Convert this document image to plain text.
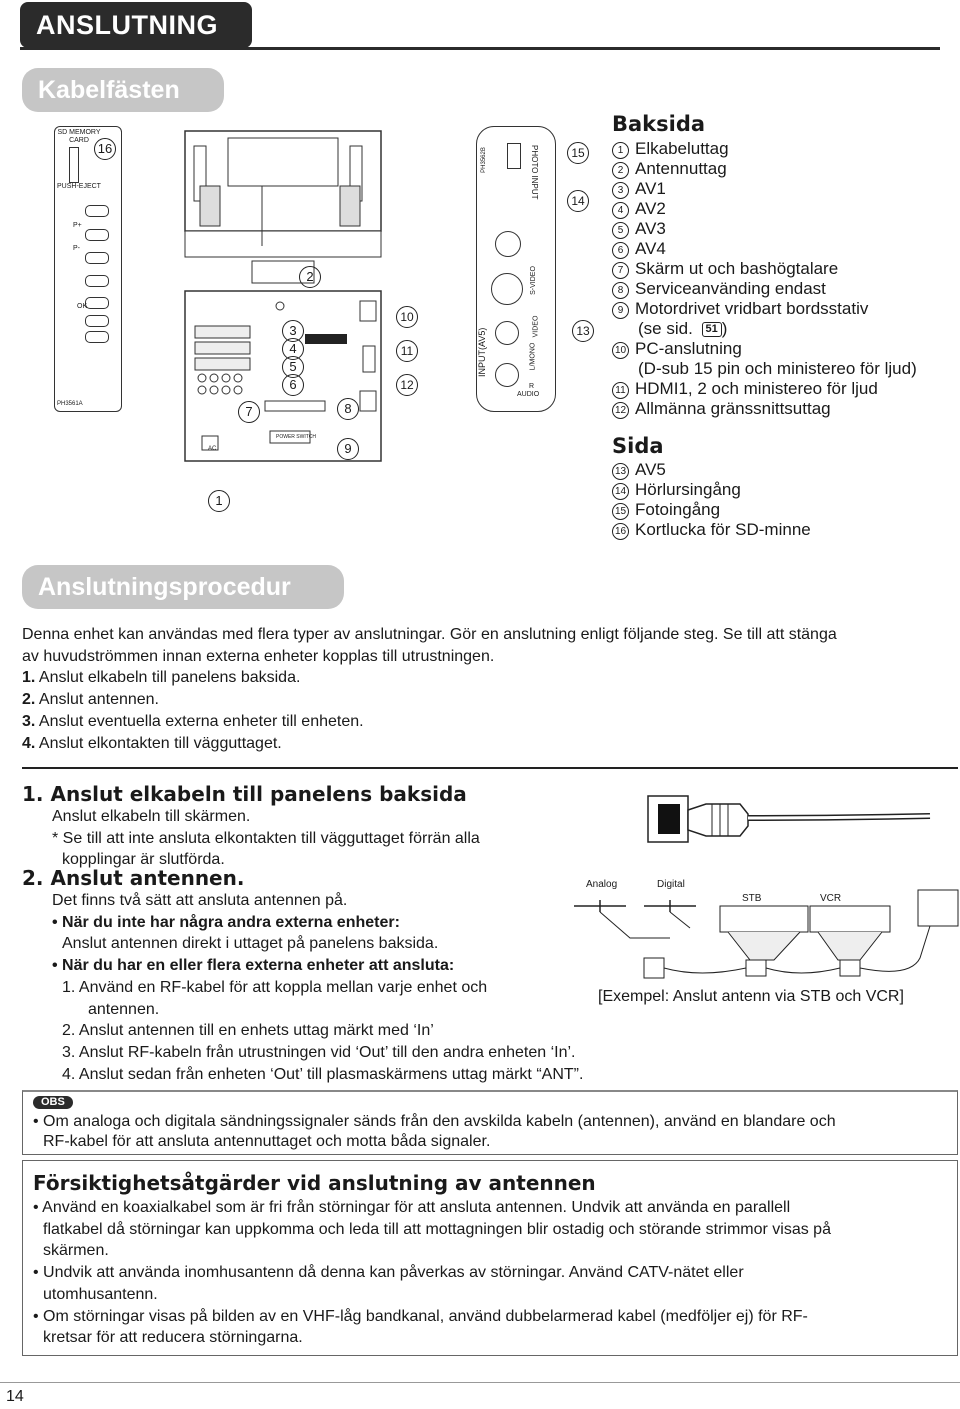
ANSLUTNING
Kabelfästen
SD MEMORY CARD
PUSH-EJECT
P+
P-
OK
PH3561A
POWER SWITCH
AC
PH3562B	PHOTO INPUT
INPUT(AV5)
S-VIDEO
VIDEO
L/MONO
R
AUDIO
16
2
3
4
5
6
7	8
9
10
11
12
1
15
14
13
Baksida
1 Elkabeluttag
2 Antennuttag
3 AV1
4 AV2
5 AV3
6 AV4
7 Skärm ut och bashögtalare
8 Serviceanvänding endast
9 Motordrivet vridbart bordsstativ
(se sid. 51 )
10 PC-anslutning
(D-sub 15 pin och ministereo för ljud)
11 HDMI1, 2 och ministereo för ljud
12 Allmänna gränssnittsuttag
Sida
13 AV5
14 Hörlursingång
15 Fotoingång
16 Kortlucka för SD-minne
Anslutningsprocedur
Denna enhet kan användas med flera typer av anslutningar. Gör en anslutning enligt följande steg. Se till att stänga
av huvudströmmen innan externa enheter kopplas till utrustningen.
1. Anslut elkabeln till panelens baksida.
2. Anslut antennen.
3. Anslut eventuella externa enheter till enheten.
4. Anslut elkontakten till vägguttaget.
1. Anslut elkabeln till panelens baksida
Anslut elkabeln till skärmen.
* Se till att inte ansluta elkontakten till vägguttaget förrän alla
kopplingar är slutförda.
2. Anslut antennen.
Det finns två sätt att ansluta antennen på.
• När du inte har några andra externa enheter:
Anslut antennen direkt i uttaget på panelens baksida.
• När du har en eller flera externa enheter att ansluta:
1. Använd en RF-kabel för att koppla mellan varje enhet och
antennen.
2. Anslut antennen till en enhets uttag märkt med ‘In’
3. Anslut RF-kabeln från utrustningen vid ‘Out’ till den andra enheten ‘In’.
4. Anslut sedan från enheten ‘Out’ till plasmaskärmens uttag märkt “ANT”.
Analog	Digital
STB	VCR
[Exempel: Anslut antenn via STB och VCR]
OBS
• Om analoga och digitala sändningssignaler sänds från den avskilda kabeln (antennen), använd en blandare och
RF-kabel för att ansluta antennuttaget och motta båda signaler.
Försiktighetsåtgärder vid anslutning av antennen
• Använd en koaxialkabel som är fri från störningar för att ansluta antennen. Undvik att använda en parallell
flatkabel då störningar kan uppkomma och leda till att mottagningen blir ostadig och störande strimmor visas på
skärmen.
• Undvik att använda inomhusantenn då denna kan påverkas av störningar. Använd CATV-nätet eller
utomhusantenn.
• Om störningar visas på bilden av en VHF-låg bandkanal, använd dubbelarmerad kabel (medföljer ej) för RF-
kretsar för att reducera störningarna.
14
